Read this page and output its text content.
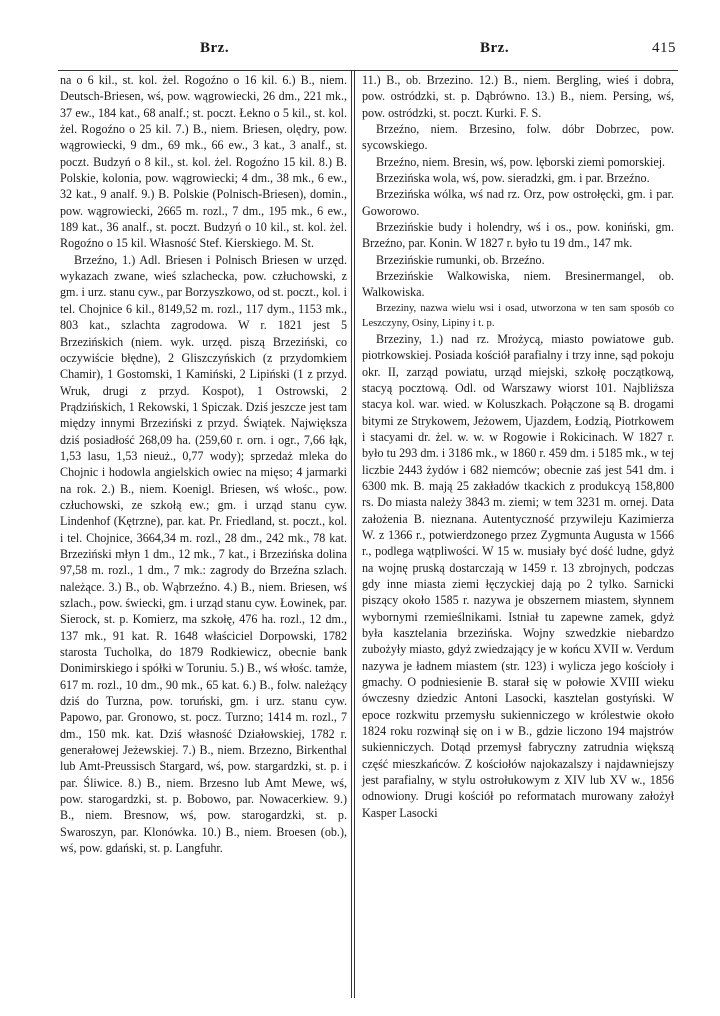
Brz.	Brz.	415

na o 6 kil., st. kol. żel. Rogoźno o 16 kil. 6.) B., niem. Deutsch-Briesen, wś, pow. wągrowiecki, 26 dm., 221 mk., 37 ew., 184 kat., 68 analf.; st. poczt. Łekno o 5 kil., st. kol. żel. Rogoźno o 25 kil. 7.) B., niem. Briesen, olędry, pow. wągrowiecki, 9 dm., 69 mk., 66 ew., 3 kat., 3 analf., st. poczt. Budzyń o 8 kil., st. kol. żel. Rogoźno 15 kil. 8.) B. Polskie, kolonia, pow. wągrowiecki; 4 dm., 38 mk., 6 ew., 32 kat., 9 analf. 9.) B. Polskie (Polnisch-Briesen), domin., pow. wągrowiecki, 2665 m. rozl., 7 dm., 195 mk., 6 ew., 189 kat., 36 analf., st. poczt. Budzyń o 10 kil., st. kol. żel. Rogoźno o 15 kil. Własność Stef. Kierskiego. M. St.

Brzeźno, 1.) Adl. Briesen i Polnisch Briesen w urzęd. wykazach zwane, wieś szlachecka, pow. człuchowski, z gm. i urz. stanu cyw., par Borzyszkowo, od st. poczt., kol. i tel. Chojnice 6 kil., 8149,52 m. rozl., 117 dym., 1153 mk., 803 kat., szlachta zagrodowa. W r. 1821 jest 5 Brzezińskich (niem. wyk. urzęd. piszą Brzeziński, co oczywiście błędne), 2 Gliszczyńskich (z przydomkiem Chamir), 1 Gostomski, 1 Kamiński, 2 Lipiński (1 z przyd. Wruk, drugi z przyd. Kospot), 1 Ostrowski, 2 Prądzińskich, 1 Rekowski, 1 Spiczak. Dziś jeszcze jest tam między innymi Brzeziński z przyd. Świątek. Największa dziś posiadłość 268,09 ha. (259,60 r. orn. i ogr., 7,66 łąk, 1,53 lasu, 1,53 nieuż., 0,77 wody); sprzedaż mleka do Chojnic i hodowla angielskich owiec na mięso; 4 jarmarki na rok. 2.) B., niem. Koenigl. Briesen, wś włośc., pow. człuchowski, ze szkołą ew.; gm. i urząd stanu cyw. Lindenhof (Kętrzne), par. kat. Pr. Friedland, st. poczt., kol. i tel. Chojnice, 3664,34 m. rozl., 28 dm., 242 mk., 78 kat. Brzeziński młyn 1 dm., 12 mk., 7 kat., i Brzezińska dolina 97,58 m. rozl., 1 dm., 7 mk.: zagrody do Brzeźna szlach. należące. 3.) B., ob. Wąbrzeźno. 4.) B., niem. Briesen, wś szlach., pow. świecki, gm. i urząd stanu cyw. Łowinek, par. Sierock, st. p. Komierz, ma szkołę, 476 ha. rozl., 12 dm., 137 mk., 91 kat. R. 1648 właściciel Dorpowski, 1782 starosta Tucholka, do 1879 Rodkiewicz, obecnie bank Donimirskiego i spółki w Toruniu. 5.) B., wś włośc. tamże, 617 m. rozl., 10 dm., 90 mk., 65 kat. 6.) B., folw. należący dziś do Turzna, pow. toruński, gm. i urz. stanu cyw. Papowo, par. Gronowo, st. pocz. Turzno; 1414 m. rozl., 7 dm., 150 mk. kat. Dziś własność Działowskiej, 1782 r. generałowej Jeżewskiej. 7.) B., niem. Brzezno, Birkenthal lub Amt-Preussisch Stargard, wś, pow. stargardzki, st. p. i par. Śliwice. 8.) B., niem. Brzesno lub Amt Mewe, wś, pow. starogardzki, st. p. Bobowo, par. Nowacerkiew. 9.) B., niem. Bresnow, wś, pow. starogardzki, st. p. Swaroszyn, par. Klonówka. 10.) B., niem. Broesen (ob.), wś, pow. gdański, st. p. Langfuhr.

11.) B., ob. Brzezino. 12.) B., niem. Bergling, wieś i dobra, pow. ostródzki, st. p. Dąbrówno. 13.) B., niem. Persing, wś, pow. ostródzki, st. poczt. Kurki. F. S.

Brzeźno, niem. Brzesino, folw. dóbr Dobrzec, pow. sycowskiego.

Brzeźno, niem. Bresin, wś, pow. lęborski ziemi pomorskiej.

Brzezińska wola, wś, pow. sieradzki, gm. i par. Brzeźno.

Brzezińska wólka, wś nad rz. Orz, pow ostrołęcki, gm. i par. Goworowo.

Brzezińskie budy i holendry, wś i os., pow. koniński, gm. Brzeźno, par. Konin. W 1827 r. było tu 19 dm., 147 mk.

Brzezińskie rumunki, ob. Brzeźno.

Brzezińskie Walkowiska, niem. Bresinermangel, ob. Walkowiska.

Brzeziny, nazwa wielu wsi i osad, utworzona w ten sam sposób co Leszczyny, Osiny, Lipiny i t. p.

Brzeziny, 1.) nad rz. Mrożycą, miasto powiatowe gub. piotrkowskiej. Posiada kościół parafialny i trzy inne, sąd pokoju okr. II, zarząd powiatu, urząd miejski, szkołę początkową, stacyą pocztową. Odl. od Warszawy wiorst 101. Najbliższa stacya kol. war. wied. w Koluszkach. Połączone są B. drogami bitymi ze Strykowem, Jeżowem, Ujazdem, Łodzią, Piotrkowem i stacyami dr. żel. w. w. w Rogowie i Rokicinach. W 1827 r. było tu 293 dm. i 3186 mk., w 1860 r. 459 dm. i 5185 mk., w tej liczbie 2443 żydów i 682 niemców; obecnie zaś jest 541 dm. i 6300 mk. B. mają 25 zakładów tkackich z produkcyą 158,800 rs. Do miasta należy 3843 m. ziemi; w tem 3231 m. ornej. Data założenia B. nieznana. Autentyczność przywileju Kazimierza W. z 1366 r., potwierdzonego przez Zygmunta Augusta w 1566 r., podlega wątpliwości. W 15 w. musiały być dość ludne, gdyż na wojnę pruską dostarczają w 1459 r. 13 zbrojnych, podczas gdy inne miasta ziemi łęczyckiej dają po 2 tylko. Sarnicki piszący około 1585 r. nazywa je obszernem miastem, słynnem wybornymi rzemieślnikami. Istniał tu zapewne zamek, gdyż była kasztelania brzezińska. Wojny szwedzkie niebardzo zubożyły miasto, gdyż zwiedzający je w końcu XVII w. Verdum nazywa je ładnem miastem (str. 123) i wylicza jego kościoły i gmachy. O podniesienie B. starał się w połowie XVIII wieku ówczesny dziedzic Antoni Lasocki, kasztelan gostyński. W epoce rozkwitu przemysłu sukienniczego w królestwie około 1824 roku rozwinął się on i w B., gdzie liczono 194 majstrów sukienniczych. Dotąd przemysł fabryczny zatrudnia większą część mieszkańców. Z kościołów najokazalszy i najdawniejszy jest parafialny, w stylu ostrołukowym z XIV lub XV w., 1856 odnowiony. Drugi kościół po reformatach murowany założył Kasper Lasocki
